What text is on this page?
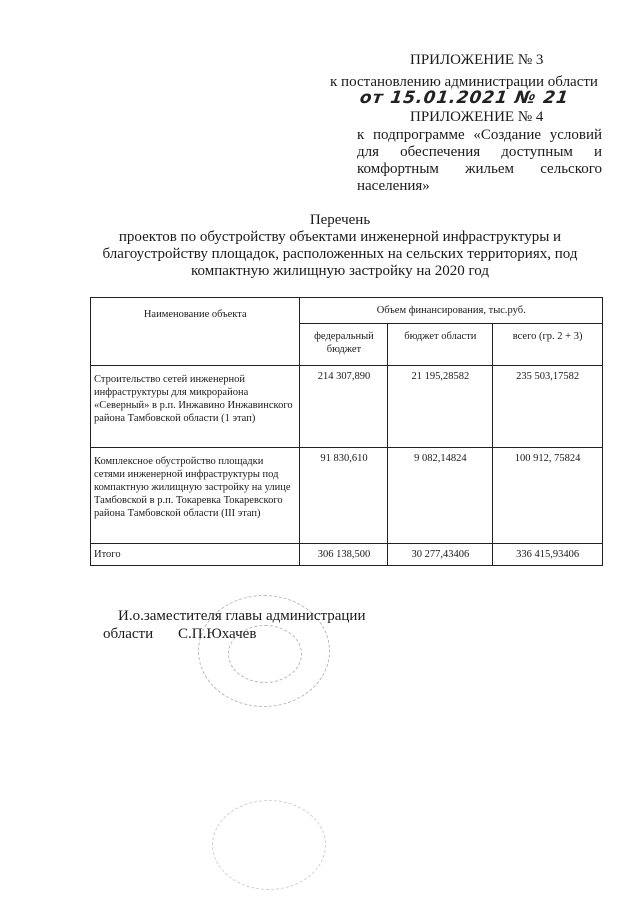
ПРИЛОЖЕНИЕ № 3
к постановлению администрации области
от 15.01.2021 № 21
ПРИЛОЖЕНИЕ № 4
к подпрограмме «Создание условий
для обеспечения доступным и
комфортным жильем сельского
населения»
Перечень
проектов по обустройству объектами инженерной инфраструктуры и
благоустройству площадок, расположенных на сельских территориях, под
компактную жилищную застройку на 2020 год
Наименование объекта	Объем финансирования, тыс.руб.		
	федеральный бюджет	бюджет области	всего (гр. 2 + 3)
Строительство сетей инженерной инфраструктуры для микрорайона «Северный» в р.п. Инжавино Инжавинского района Тамбовской области (1 этап)	214 307,890	21 195,28582	235 503,17582
Комплексное обустройство площадки сетями инженерной инфраструктуры под компактную жилищную застройку на улице Тамбовской в р.п. Токаревка Токаревского района Тамбовской области (III этап)	91 830,610	9 082,14824	100 912, 75824
Итого	306 138,500	30 277,43406	336 415,93406
И.о.заместителя главы администрации
области С.П.Юхачев
